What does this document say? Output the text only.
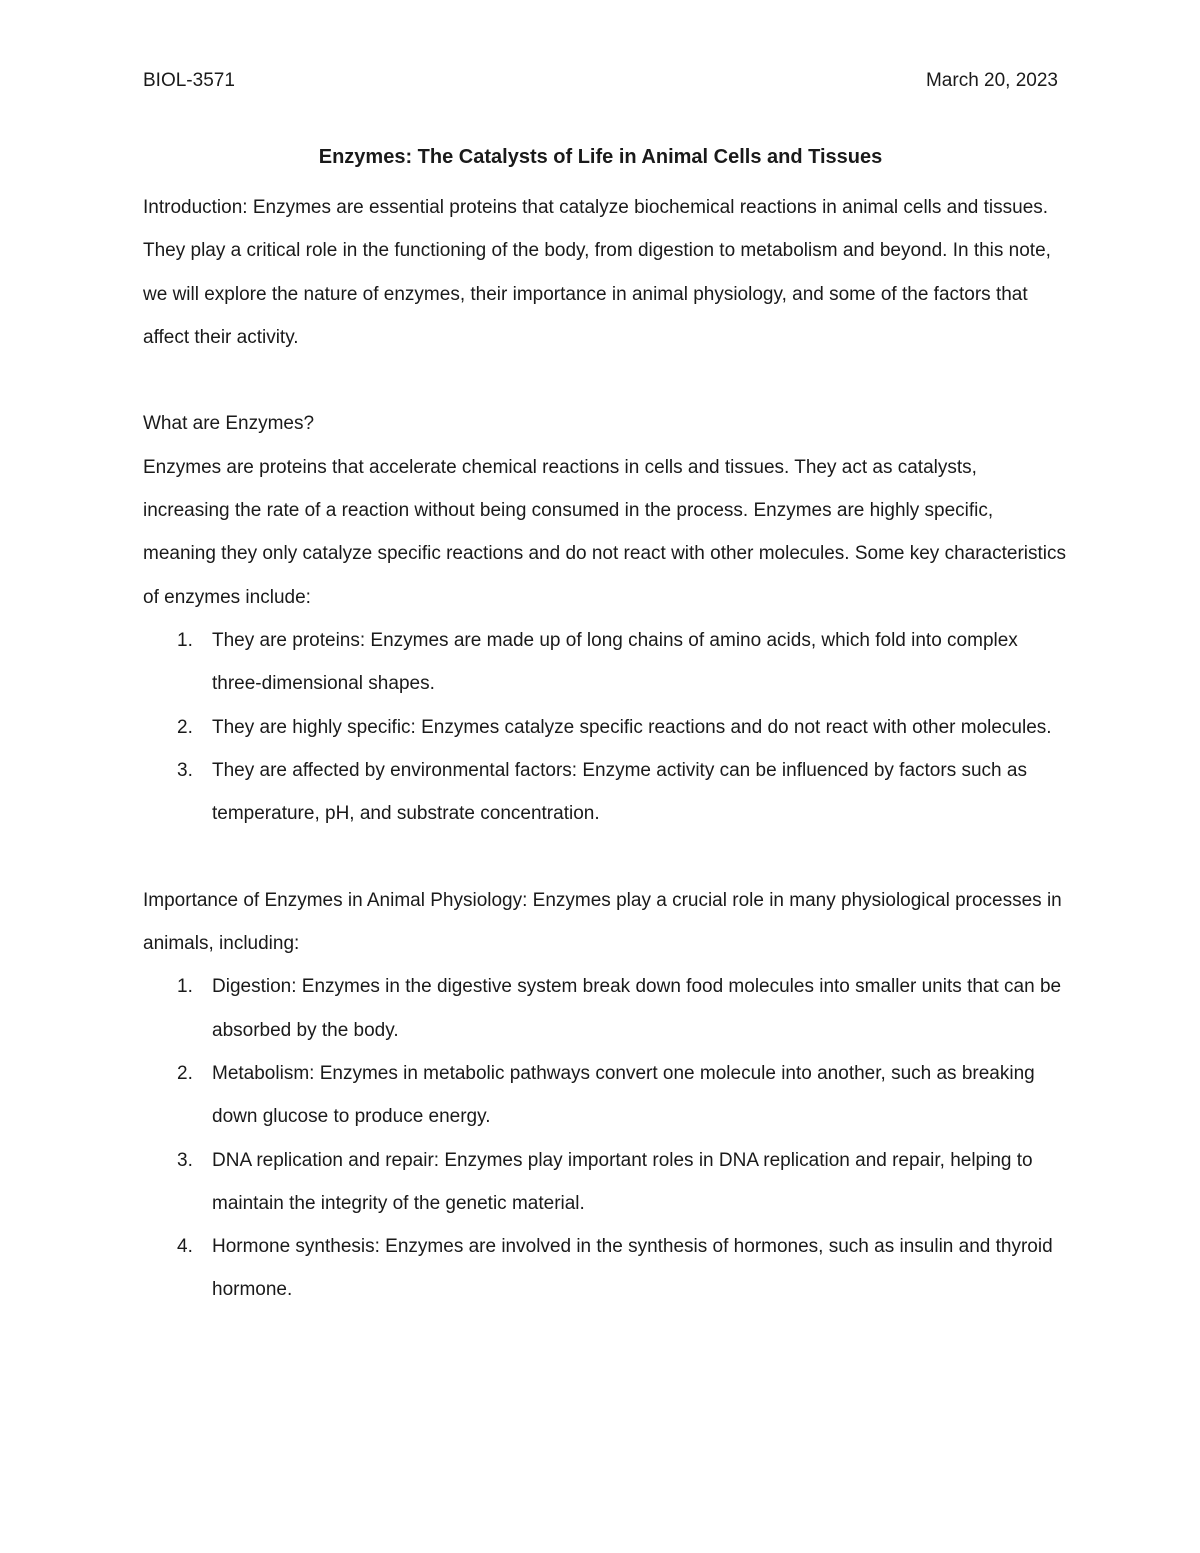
BIOL-3571	March 20, 2023
Enzymes: The Catalysts of Life in Animal Cells and Tissues

Introduction: Enzymes are essential proteins that catalyze biochemical reactions in animal cells and tissues. They play a critical role in the functioning of the body, from digestion to metabolism and beyond. In this note, we will explore the nature of enzymes, their importance in animal physiology, and some of the factors that affect their activity.

What are Enzymes?

Enzymes are proteins that accelerate chemical reactions in cells and tissues. They act as catalysts, increasing the rate of a reaction without being consumed in the process. Enzymes are highly specific, meaning they only catalyze specific reactions and do not react with other molecules. Some key characteristics of enzymes include:

1. They are proteins: Enzymes are made up of long chains of amino acids, which fold into complex three-dimensional shapes.
2. They are highly specific: Enzymes catalyze specific reactions and do not react with other molecules.
3. They are affected by environmental factors: Enzyme activity can be influenced by factors such as temperature, pH, and substrate concentration.

Importance of Enzymes in Animal Physiology: Enzymes play a crucial role in many physiological processes in animals, including:

1. Digestion: Enzymes in the digestive system break down food molecules into smaller units that can be absorbed by the body.
2. Metabolism: Enzymes in metabolic pathways convert one molecule into another, such as breaking down glucose to produce energy.
3. DNA replication and repair: Enzymes play important roles in DNA replication and repair, helping to maintain the integrity of the genetic material.
4. Hormone synthesis: Enzymes are involved in the synthesis of hormones, such as insulin and thyroid hormone.
